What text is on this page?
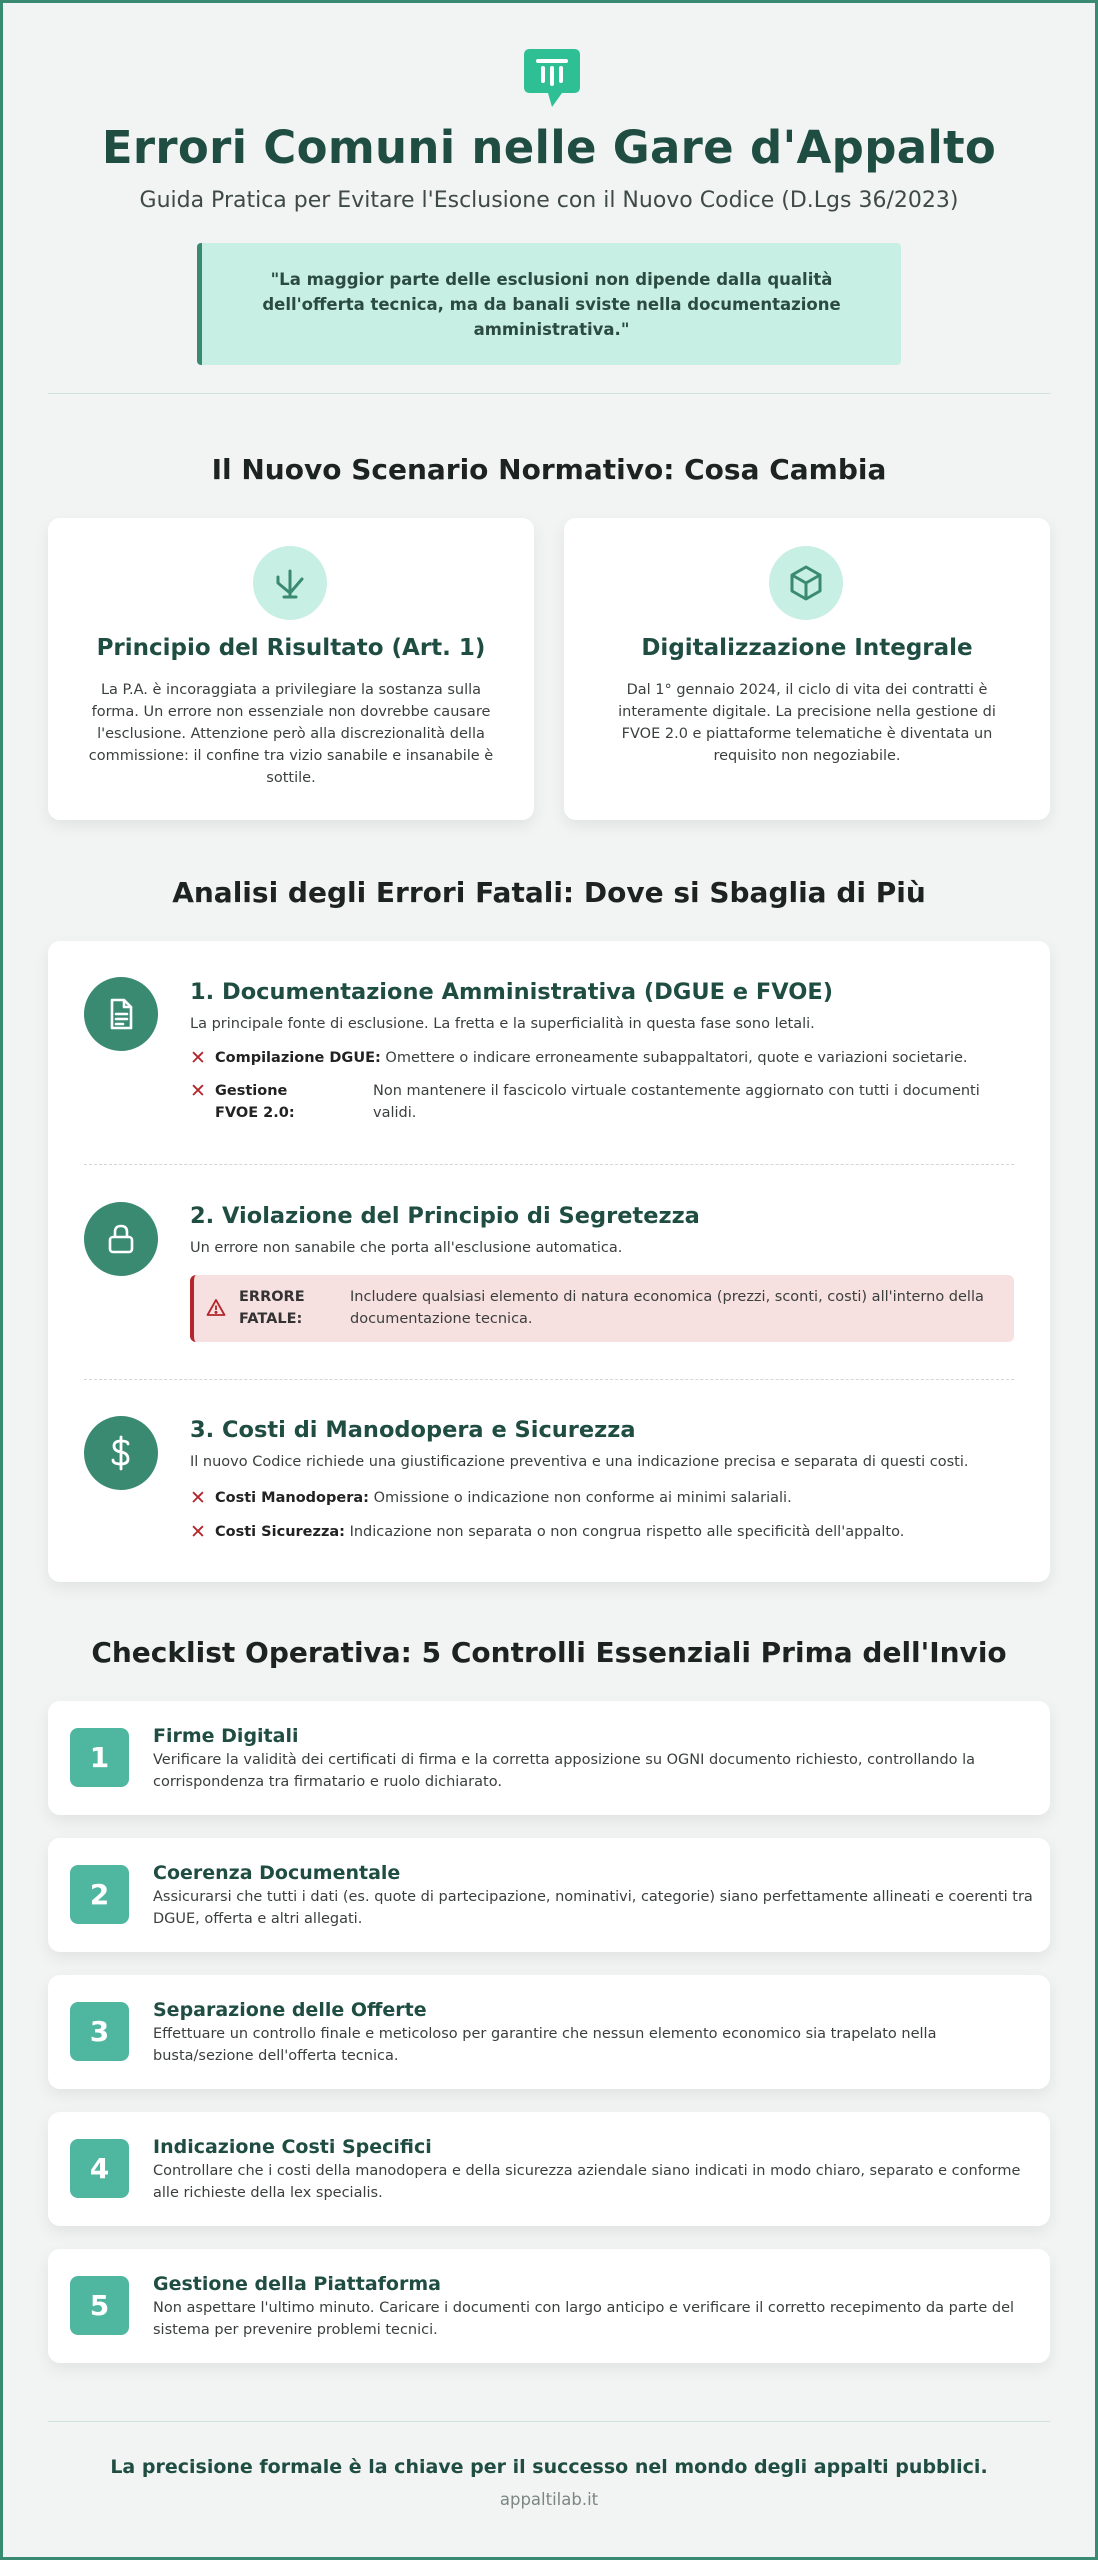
Errori Comuni nelle Gare d'Appalto
Guida Pratica per Evitare l'Esclusione con il Nuovo Codice (D.Lgs 36/2023)
"La maggior parte delle esclusioni non dipende dalla qualità dell'offerta tecnica, ma da banali sviste nella documentazione amministrativa."
Il Nuovo Scenario Normativo: Cosa Cambia
Principio del Risultato (Art. 1)
La P.A. è incoraggiata a privilegiare la sostanza sulla forma. Un errore non essenziale non dovrebbe causare l'esclusione. Attenzione però alla discrezionalità della commissione: il confine tra vizio sanabile e insanabile è sottile.
Digitalizzazione Integrale
Dal 1° gennaio 2024, il ciclo di vita dei contratti è interamente digitale. La precisione nella gestione di FVOE 2.0 e piattaforme telematiche è diventata un requisito non negoziabile.
Analisi degli Errori Fatali: Dove si Sbaglia di Più
1. Documentazione Amministrativa (DGUE e FVOE)
La principale fonte di esclusione. La fretta e la superficialità in questa fase sono letali.
✕ Compilazione DGUE: Omettere o indicare erroneamente subappaltatori, quote e variazioni societarie.
✕ Gestione FVOE 2.0:
Non mantenere il fascicolo virtuale costantemente aggiornato con tutti i documenti validi.
2. Violazione del Principio di Segretezza
Un errore non sanabile che porta all'esclusione automatica.
ERRORE FATALE:
Includere qualsiasi elemento di natura economica (prezzi, sconti, costi) all'interno della documentazione tecnica.
3. Costi di Manodopera e Sicurezza
Il nuovo Codice richiede una giustificazione preventiva e una indicazione precisa e separata di questi costi.
✕ Costi Manodopera: Omissione o indicazione non conforme ai minimi salariali.
✕ Costi Sicurezza: Indicazione non separata o non congrua rispetto alle specificità dell'appalto.
Checklist Operativa: 5 Controlli Essenziali Prima dell'Invio
1
Firme Digitali
Verificare la validità dei certificati di firma e la corretta apposizione su OGNI documento richiesto, controllando la corrispondenza tra firmatario e ruolo dichiarato.
2
Coerenza Documentale
Assicurarsi che tutti i dati (es. quote di partecipazione, nominativi, categorie) siano perfettamente allineati e coerenti tra DGUE, offerta e altri allegati.
3
Separazione delle Offerte
Effettuare un controllo finale e meticoloso per garantire che nessun elemento economico sia trapelato nella busta/sezione dell'offerta tecnica.
4
Indicazione Costi Specifici
Controllare che i costi della manodopera e della sicurezza aziendale siano indicati in modo chiaro, separato e conforme alle richieste della lex specialis.
5
Gestione della Piattaforma
Non aspettare l'ultimo minuto. Caricare i documenti con largo anticipo e verificare il corretto recepimento da parte del sistema per prevenire problemi tecnici.
La precisione formale è la chiave per il successo nel mondo degli appalti pubblici.
appaltilab.it
